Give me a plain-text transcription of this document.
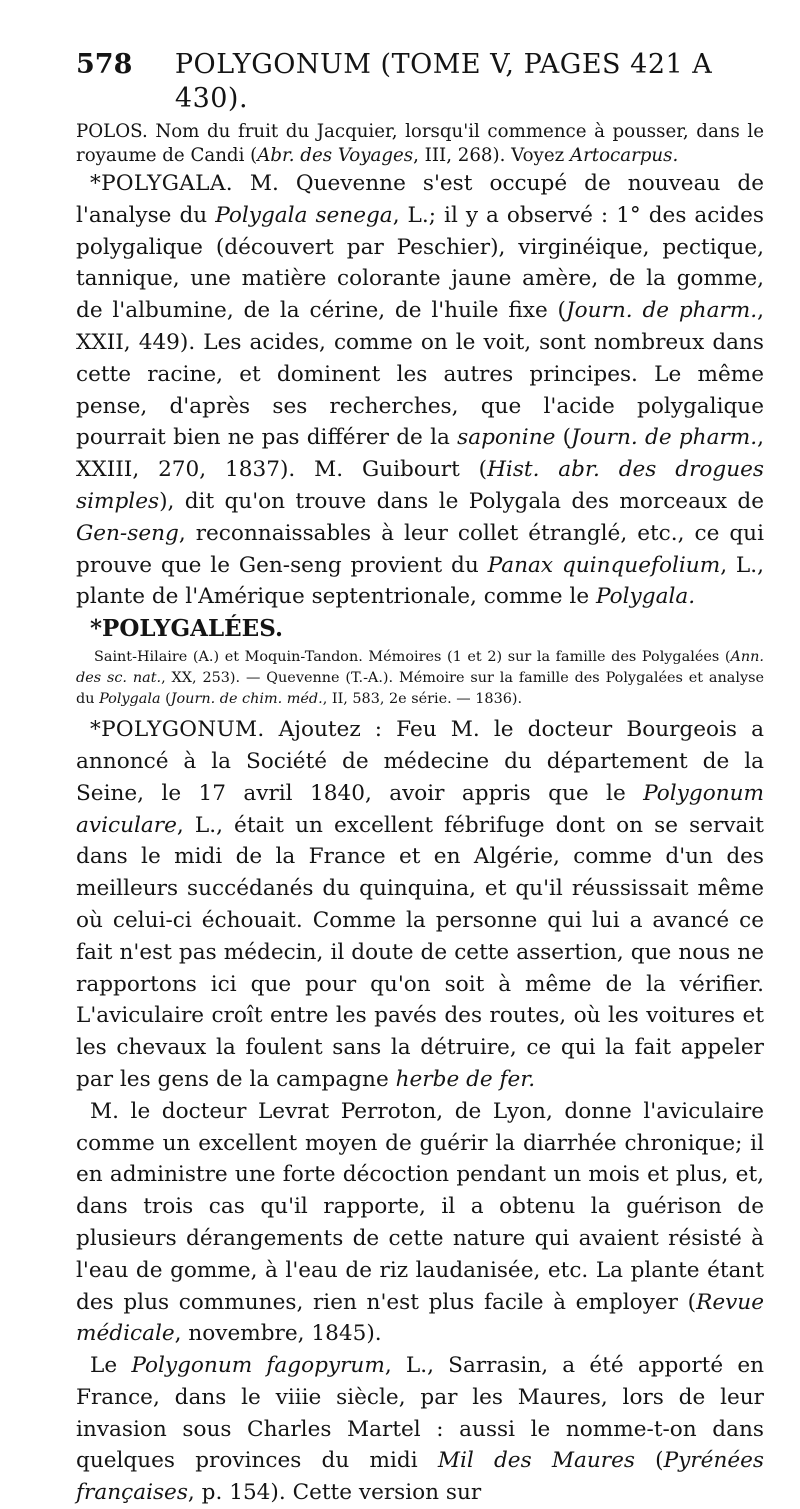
578	POLYGONUM (TOME V, PAGES 421 A 430).

POLOS. Nom du fruit du Jacquier, lorsqu'il commence à pousser, dans le royaume de Candi (Abr. des Voyages, III, 268). Voyez Artocarpus.

*POLYGALA. M. Quevenne s'est occupé de nouveau de l'analyse du Polygala senega, L.; il y a observé : 1° des acides polygalique (découvert par Peschier), virginéique, pectique, tannique, une matière colorante jaune amère, de la gomme, de l'albumine, de la cérine, de l'huile fixe (Journ. de pharm., XXII, 449). Les acides, comme on le voit, sont nombreux dans cette racine, et dominent les autres principes. Le même pense, d'après ses recherches, que l'acide polygalique pourrait bien ne pas différer de la saponine (Journ. de pharm., XXIII, 270, 1837). M. Guibourt (Hist. abr. des drogues simples), dit qu'on trouve dans le Polygala des morceaux de Gen-seng, reconnaissables à leur collet étranglé, etc., ce qui prouve que le Gen-seng provient du Panax quinquefolium, L., plante de l'Amérique septentrionale, comme le Polygala.

*POLYGALÉES.

Saint-Hilaire (A.) et Moquin-Tandon. Mémoires (1 et 2) sur la famille des Polygalées (Ann. des sc. nat., XX, 253). — Quevenne (T.-A.). Mémoire sur la famille des Polygalées et analyse du Polygala (Journ. de chim. méd., II, 583, 2e série. — 1836).

*POLYGONUM. Ajoutez : Feu M. le docteur Bourgeois a annoncé à la Société de médecine du département de la Seine, le 17 avril 1840, avoir appris que le Polygonum aviculare, L., était un excellent fébrifuge dont on se servait dans le midi de la France et en Algérie, comme d'un des meilleurs succédanés du quinquina, et qu'il réussissait même où celui-ci échouait. Comme la personne qui lui a avancé ce fait n'est pas médecin, il doute de cette assertion, que nous ne rapportons ici que pour qu'on soit à même de la vérifier. L'aviculaire croît entre les pavés des routes, où les voitures et les chevaux la foulent sans la détruire, ce qui la fait appeler par les gens de la campagne herbe de fer.

M. le docteur Levrat Perroton, de Lyon, donne l'aviculaire comme un excellent moyen de guérir la diarrhée chronique; il en administre une forte décoction pendant un mois et plus, et, dans trois cas qu'il rapporte, il a obtenu la guérison de plusieurs dérangements de cette nature qui avaient résisté à l'eau de gomme, à l'eau de riz laudanisée, etc. La plante étant des plus communes, rien n'est plus facile à employer (Revue médicale, novembre, 1845).

Le Polygonum fagopyrum, L., Sarrasin, a été apporté en France, dans le viiie siècle, par les Maures, lors de leur invasion sous Charles Martel : aussi le nomme-t-on dans quelques provinces du midi Mil des Maures (Pyrénées françaises, p. 154). Cette version sur
